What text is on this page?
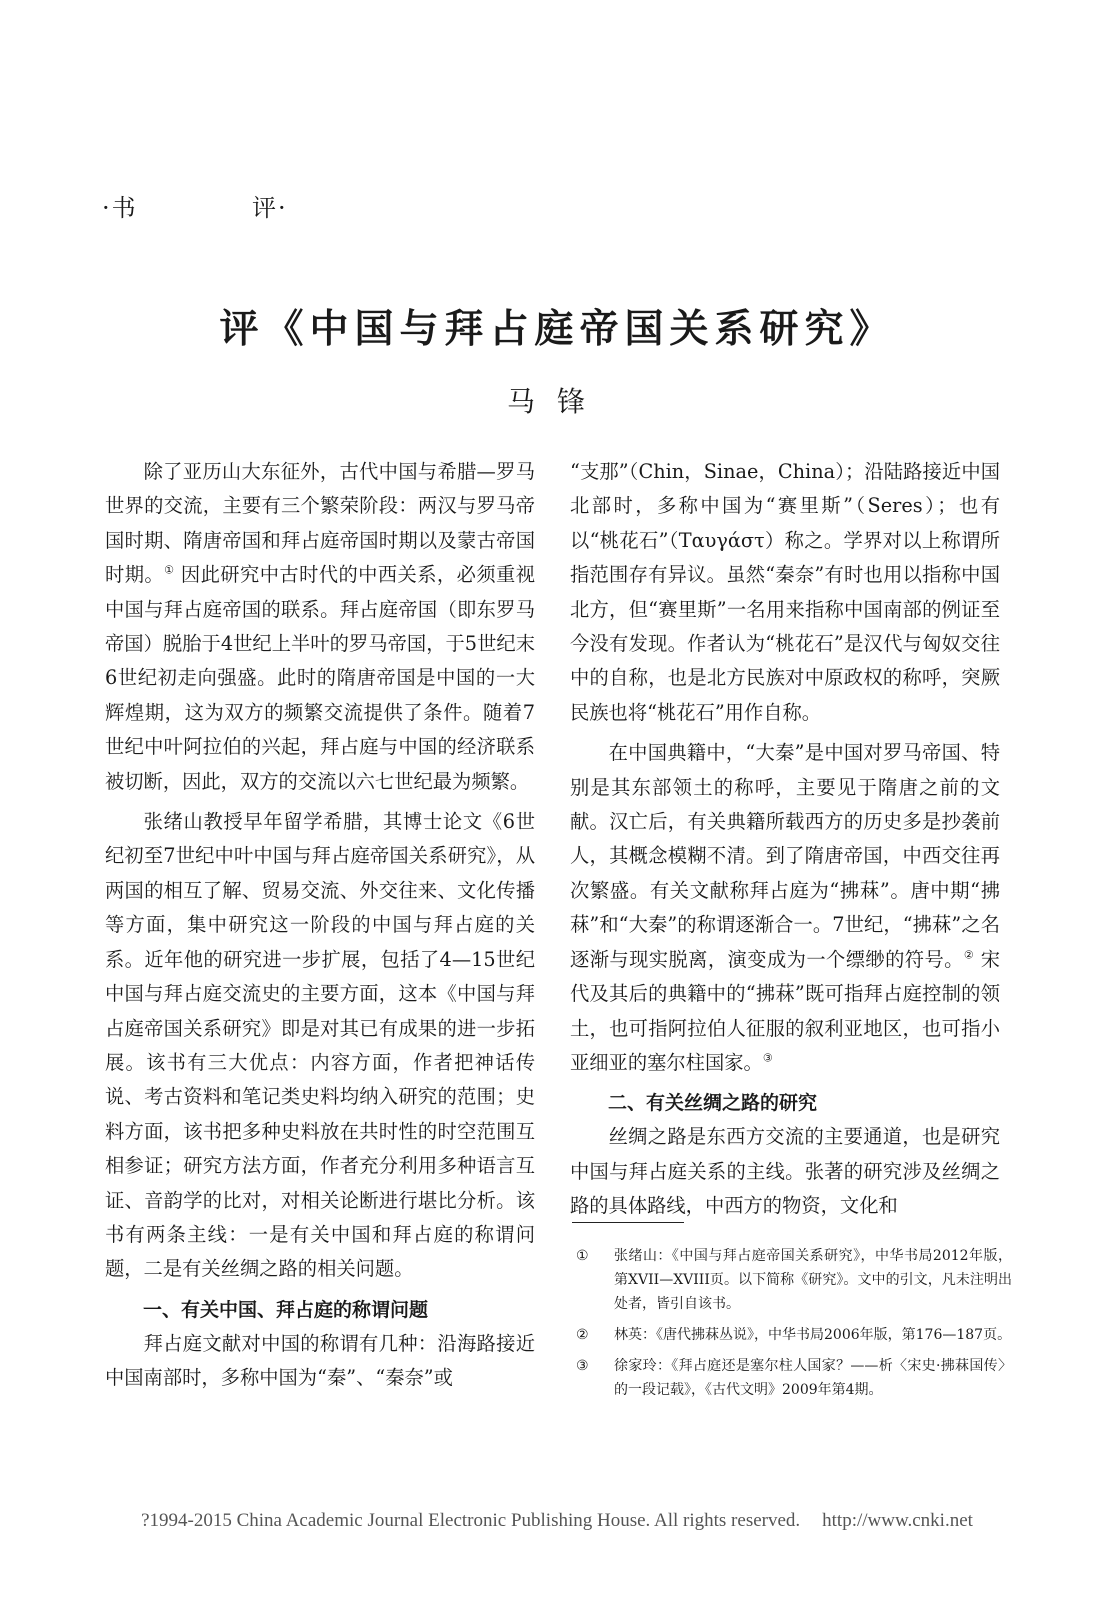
·书	评·
评《中国与拜占庭帝国关系研究》
马锋

除了亚历山大东征外，古代中国与希腊—罗马世界的交流，主要有三个繁荣阶段：两汉与罗马帝国时期、隋唐帝国和拜占庭帝国时期以及蒙古帝国时期。① 因此研究中古时代的中西关系，必须重视中国与拜占庭帝国的联系。拜占庭帝国（即东罗马帝国）脱胎于4世纪上半叶的罗马帝国，于5世纪末6世纪初走向强盛。此时的隋唐帝国是中国的一大辉煌期，这为双方的频繁交流提供了条件。随着7世纪中叶阿拉伯的兴起，拜占庭与中国的经济联系被切断，因此，双方的交流以六七世纪最为频繁。

张绪山教授早年留学希腊，其博士论文《6世纪初至7世纪中叶中国与拜占庭帝国关系研究》，从两国的相互了解、贸易交流、外交往来、文化传播等方面，集中研究这一阶段的中国与拜占庭的关系。近年他的研究进一步扩展，包括了4—15世纪中国与拜占庭交流史的主要方面，这本《中国与拜占庭帝国关系研究》即是对其已有成果的进一步拓展。该书有三大优点：内容方面，作者把神话传说、考古资料和笔记类史料均纳入研究的范围；史料方面，该书把多种史料放在共时性的时空范围互相参证；研究方法方面，作者充分利用多种语言互证、音韵学的比对，对相关论断进行堪比分析。该书有两条主线：一是有关中国和拜占庭的称谓问题，二是有关丝绸之路的相关问题。

一、有关中国、拜占庭的称谓问题

拜占庭文献对中国的称谓有几种：沿海路接近中国南部时，多称中国为“秦”、“秦奈”或

“支那”（Chin，Sinae，China）；沿陆路接近中国北部时，多称中国为“赛里斯”（Seres）；也有以“桃花石”（Ταυγάστ）称之。学界对以上称谓所指范围存有异议。虽然“秦奈”有时也用以指称中国北方，但“赛里斯”一名用来指称中国南部的例证至今没有发现。作者认为“桃花石”是汉代与匈奴交往中的自称，也是北方民族对中原政权的称呼，突厥民族也将“桃花石”用作自称。

在中国典籍中，“大秦”是中国对罗马帝国、特别是其东部领土的称呼，主要见于隋唐之前的文献。汉亡后，有关典籍所载西方的历史多是抄袭前人，其概念模糊不清。到了隋唐帝国，中西交往再次繁盛。有关文献称拜占庭为“拂菻”。唐中期“拂菻”和“大秦”的称谓逐渐合一。7世纪，“拂菻”之名逐渐与现实脱离，演变成为一个缥缈的符号。② 宋代及其后的典籍中的“拂菻”既可指拜占庭控制的领土，也可指阿拉伯人征服的叙利亚地区，也可指小亚细亚的塞尔柱国家。③

二、有关丝绸之路的研究

丝绸之路是东西方交流的主要通道，也是研究中国与拜占庭关系的主线。张著的研究涉及丝绸之路的具体路线，中西方的物资，文化和

①	张绪山：《中国与拜占庭帝国关系研究》，中华书局2012年版，第XVII—XVIII页。以下简称《研究》。文中的引文，凡未注明出处者，皆引自该书。
②	林英：《唐代拂菻丛说》，中华书局2006年版，第176—187页。
③	徐家玲：《拜占庭还是塞尔柱人国家？——析〈宋史·拂菻国传〉的一段记载》，《古代文明》2009年第4期。
?1994-2015 China Academic Journal Electronic Publishing House. All rights reserved. http://www.cnki.net
